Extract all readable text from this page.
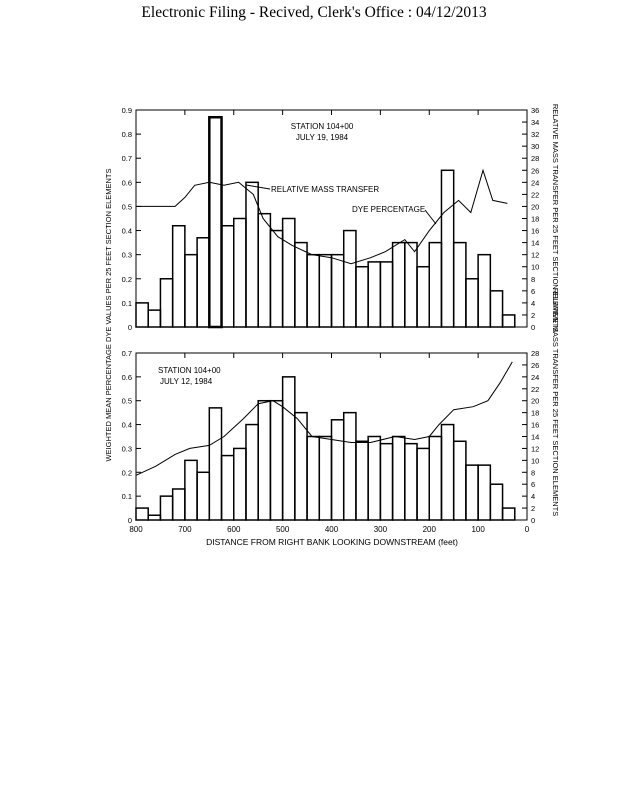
Electronic Filing - Recived, Clerk's Office : 04/12/2013
DISTANCE FROM RIGHT BANK LOOKING DOWNSTREAM (feet)
WEIGHTED MEAN PERCENTAGE DYE VALUES PER 25 FEET SECTION ELEMENTS	RELATIVE MASS TRANSFER PER 25 FEET SECTION ELEMENTS
RELATIVE MASS TRANSFER PER 25 FEET SECTION ELEMENTS
STATION 104+00
JULY 19, 1984
RELATIVE MASS TRANSFER
DYE PERCENTAGE
STATION 104+00
JULY 12, 1984
0
0.1
0.2
0.3
0.4
0.5
0.6
0.7
0.8
0.9
0
2
4
6
8
10
12
14
16
18
20
22
24
26
28
30
32
34
36
0
0.1
0.2
0.3
0.4
0.5
0.6
0.7
0
2
4
6
8
10
12
14
16
18
20
22
24
26
28
800	700	600	500	400	300	200	100	0
